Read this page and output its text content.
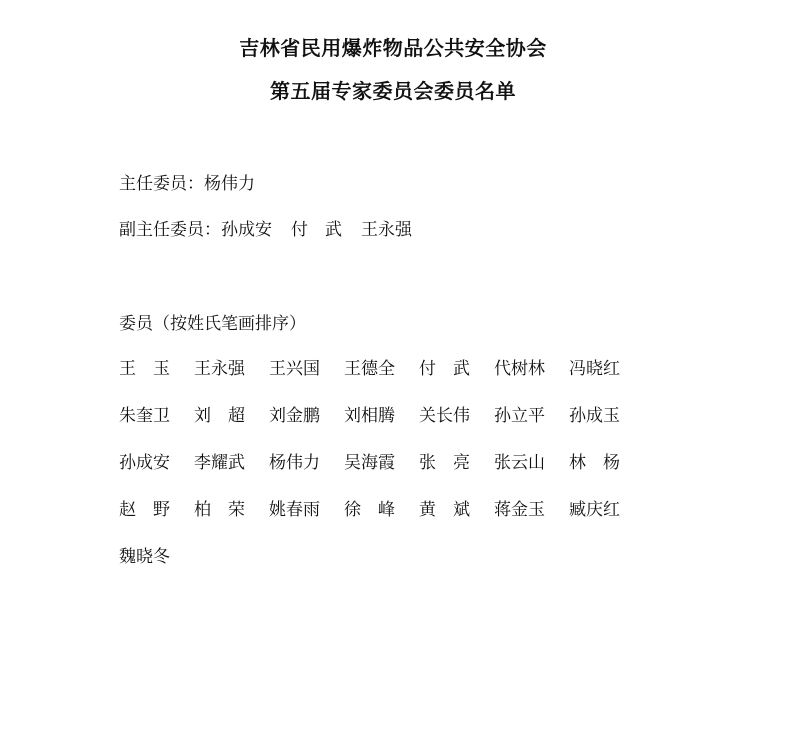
吉林省民用爆炸物品公共安全协会
第五届专家委员会委员名单
主任委员：杨伟力
副主任委员：孙成安 付　武 王永强
委员（按姓氏笔画排序）
王　玉 王永强 王兴国 王德全 付　武 代树林 冯晓红
朱奎卫 刘　超 刘金鹏 刘相腾 关长伟 孙立平 孙成玉
孙成安 李耀武 杨伟力 吴海霞 张　亮 张云山 林　杨
赵　野 柏　荣 姚春雨 徐　峰 黄　斌 蒋金玉 臧庆红
魏晓冬
